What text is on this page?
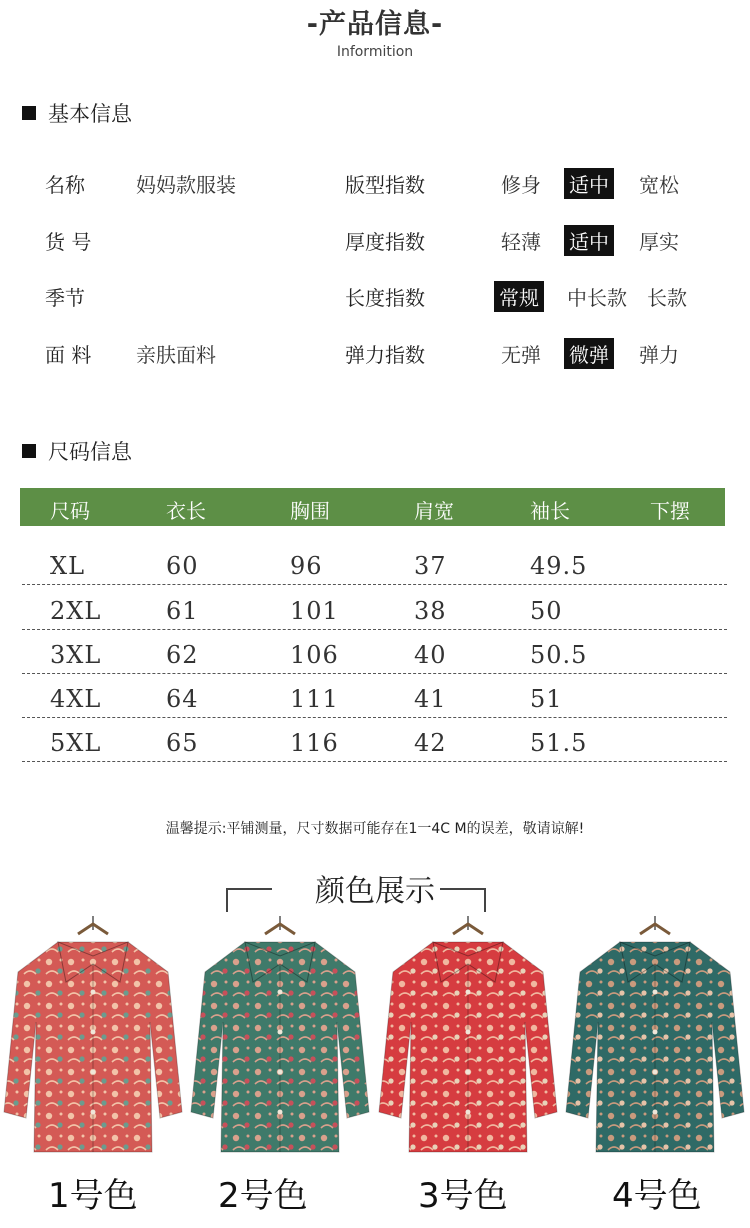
-产品信息-
Informition
基本信息
名称	妈妈款服装
货 号
季节
面 料 亲肤面料
版型指数	修身 适中 宽松
厚度指数	轻薄 适中 厚实
长度指数	常规 中长款 长款
弹力指数	无弹 微弹 弹力
尺码信息
尺码	衣长	胸围	肩宽	袖长	下摆
XL	60	96	37	49.5
2XL	61	101	38	50
3XL	62	106	40	50.5
4XL	64	111	41	51
5XL	65	116	42	51.5
温馨提示:平铺测量，尺寸数据可能存在1一4C M的误差，敬请谅解!
颜色展示
1号色 2号色	3号色	4号色
